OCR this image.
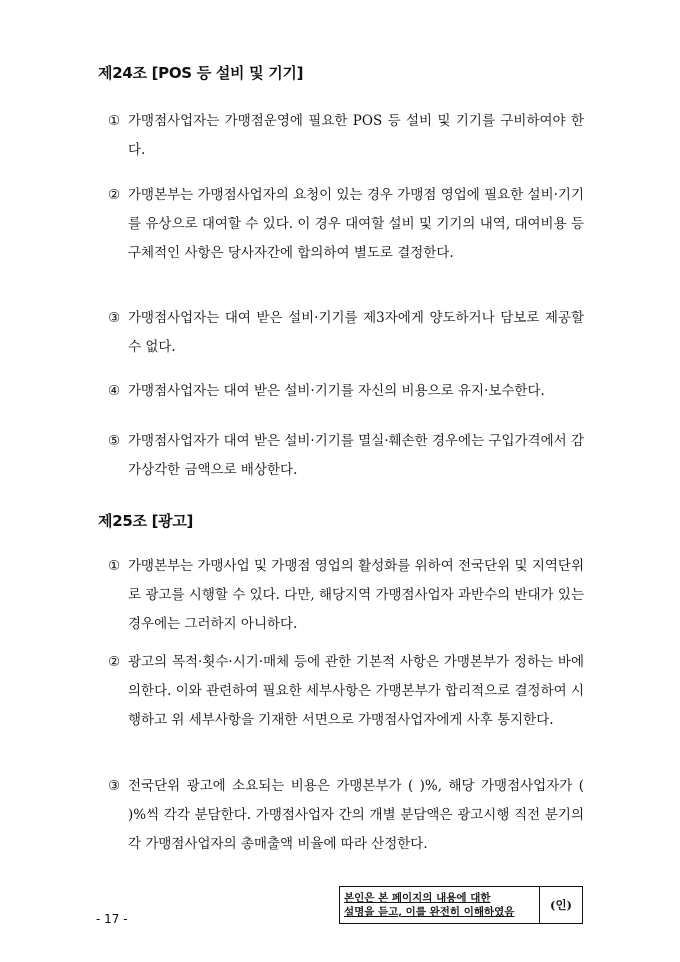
제24조 [POS 등 설비 및 기기]

① 가맹점사업자는 가맹점운영에 필요한 POS 등 설비 및 기기를 구비하여야 한다.

② 가맹본부는 가맹점사업자의 요청이 있는 경우 가맹점 영업에 필요한 설비·기기를 유상으로 대여할 수 있다. 이 경우 대여할 설비 및 기기의 내역, 대여비용 등 구체적인 사항은 당사자간에 합의하여 별도로 결정한다.

③ 가맹점사업자는 대여 받은 설비·기기를 제3자에게 양도하거나 담보로 제공할 수 없다.

④ 가맹점사업자는 대여 받은 설비·기기를 자신의 비용으로 유지·보수한다.

⑤ 가맹점사업자가 대여 받은 설비·기기를 멸실·훼손한 경우에는 구입가격에서 감가상각한 금액으로 배상한다.

제25조 [광고]

① 가맹본부는 가맹사업 및 가맹점 영업의 활성화를 위하여 전국단위 및 지역단위로 광고를 시행할 수 있다. 다만, 해당지역 가맹점사업자 과반수의 반대가 있는 경우에는 그러하지 아니하다.

② 광고의 목적·횟수·시기·매체 등에 관한 기본적 사항은 가맹본부가 정하는 바에 의한다. 이와 관련하여 필요한 세부사항은 가맹본부가 합리적으로 결정하여 시행하고 위 세부사항을 기재한 서면으로 가맹점사업자에게 사후 통지한다.

③ 전국단위 광고에 소요되는 비용은 가맹본부가 ( )%, 해당 가맹점사업자가 ( )%씩 각각 분담한다. 가맹점사업자 간의 개별 분담액은 광고시행 직전 분기의 각 가맹점사업자의 총매출액 비율에 따라 산정한다.

- 17 -

본인은 본 페이지의 내용에 대한
설명을 듣고, 이를 완전히 이해하였음	(인)
